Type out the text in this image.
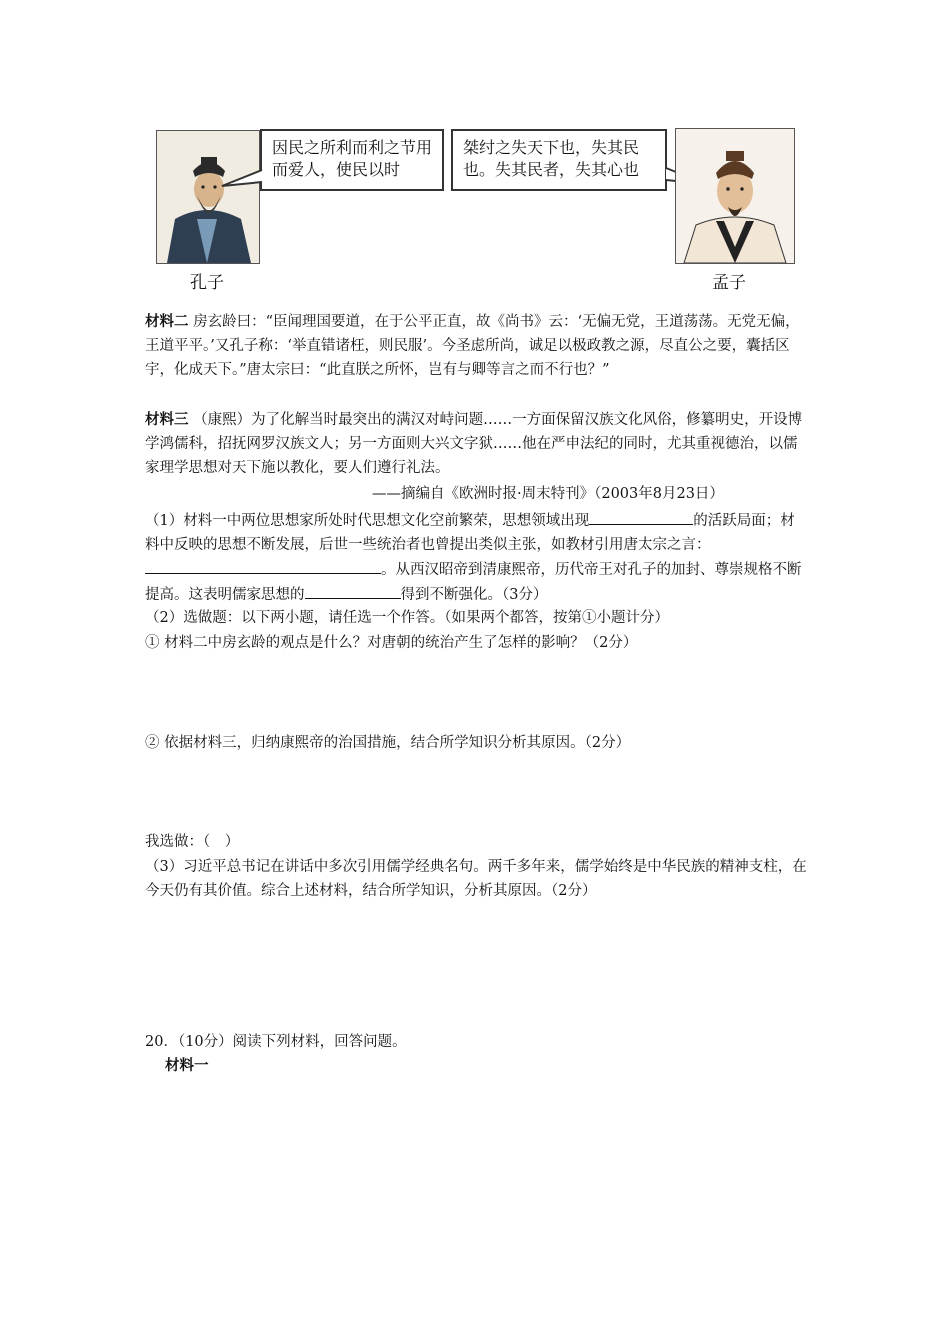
因民之所利而利之节用而爱人，使民以时
桀纣之失天下也，失其民也。失其民者，失其心也
孔子	孟子
材料二 房玄龄曰：“臣闻理国要道，在于公平正直，故《尚书》云：‘无偏无党，王道荡荡。无党无偏，王道平平。’又孔子称：‘举直错诸枉，则民服’。今圣虑所尚，诚足以极政教之源，尽直公之要，囊括区宇，化成天下。”唐太宗曰：“此直朕之所怀，岂有与卿等言之而不行也？”
材料三 （康熙）为了化解当时最突出的满汉对峙问题……一方面保留汉族文化风俗，修纂明史，开设博学鸿儒科，招抚网罗汉族文人；另一方面则大兴文字狱……他在严申法纪的同时，尤其重视德治，以儒家理学思想对天下施以教化，要人们遵行礼法。
——摘编自《欧洲时报·周末特刊》（2003年8月23日）
（1）材料一中两位思想家所处时代思想文化空前繁荣，思想领域出现	的活跃局面；材料中反映的思想不断发展，后世一些统治者也曾提出类似主张，如教材引用唐太宗之言：。从西汉昭帝到清康熙帝，历代帝王对孔子的加封、尊崇规格不断提高。这表明儒家思想的	得到不断强化。（3分）
（2）选做题：以下两小题，请任选一个作答。（如果两个都答，按第①小题计分）
① 材料二中房玄龄的观点是什么？对唐朝的统治产生了怎样的影响？（2分）
② 依据材料三，归纳康熙帝的治国措施，结合所学知识分析其原因。（2分）
我选做：（　）
（3）习近平总书记在讲话中多次引用儒学经典名句。两千多年来，儒学始终是中华民族的精神支柱，在今天仍有其价值。综合上述材料，结合所学知识，分析其原因。（2分）
20．（10分）阅读下列材料，回答问题。
材料一
